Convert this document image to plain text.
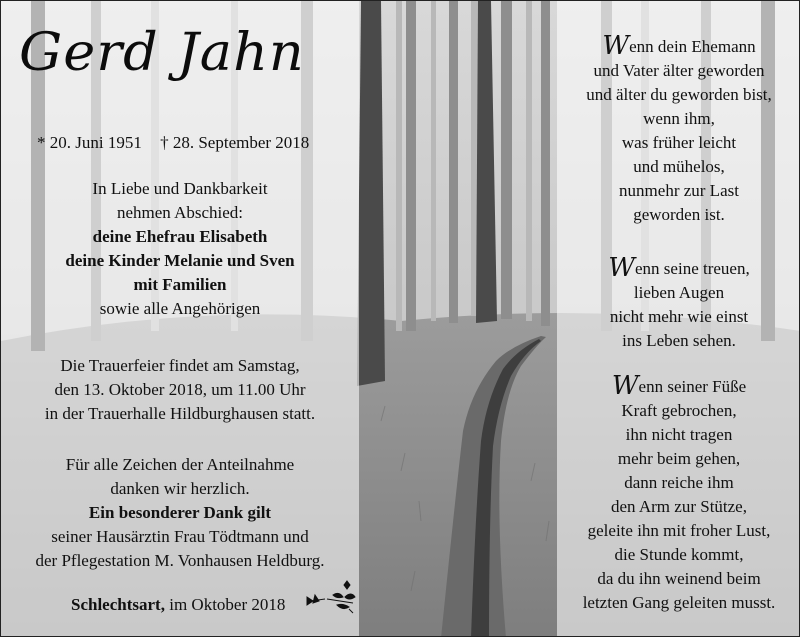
Gerd Jahn
* 20. Juni 1951 † 28. September 2018
In Liebe und Dankbarkeit
nehmen Abschied:
deine Ehefrau Elisabeth
deine Kinder Melanie und Sven
mit Familien
sowie alle Angehörigen
Die Trauerfeier findet am Samstag,
den 13. Oktober 2018, um 11.00 Uhr
in der Trauerhalle Hildburghausen statt.
Für alle Zeichen der Anteilnahme
danken wir herzlich.
Ein besonderer Dank gilt
seiner Hausärztin Frau Tödtmann und
der Pflegestation M. Vonhausen Heldburg.
Schlechtsart, im Oktober 2018
Wenn dein Ehemann
und Vater älter geworden
und älter du geworden bist,
wenn ihm,
was früher leicht
und mühelos,
nunmehr zur Last
geworden ist.
Wenn seine treuen,
lieben Augen
nicht mehr wie einst
ins Leben sehen.
Wenn seiner Füße
Kraft gebrochen,
ihn nicht tragen
mehr beim gehen,
dann reiche ihm
den Arm zur Stütze,
geleite ihn mit froher Lust,
die Stunde kommt,
da du ihn weinend beim
letzten Gang geleiten musst.
